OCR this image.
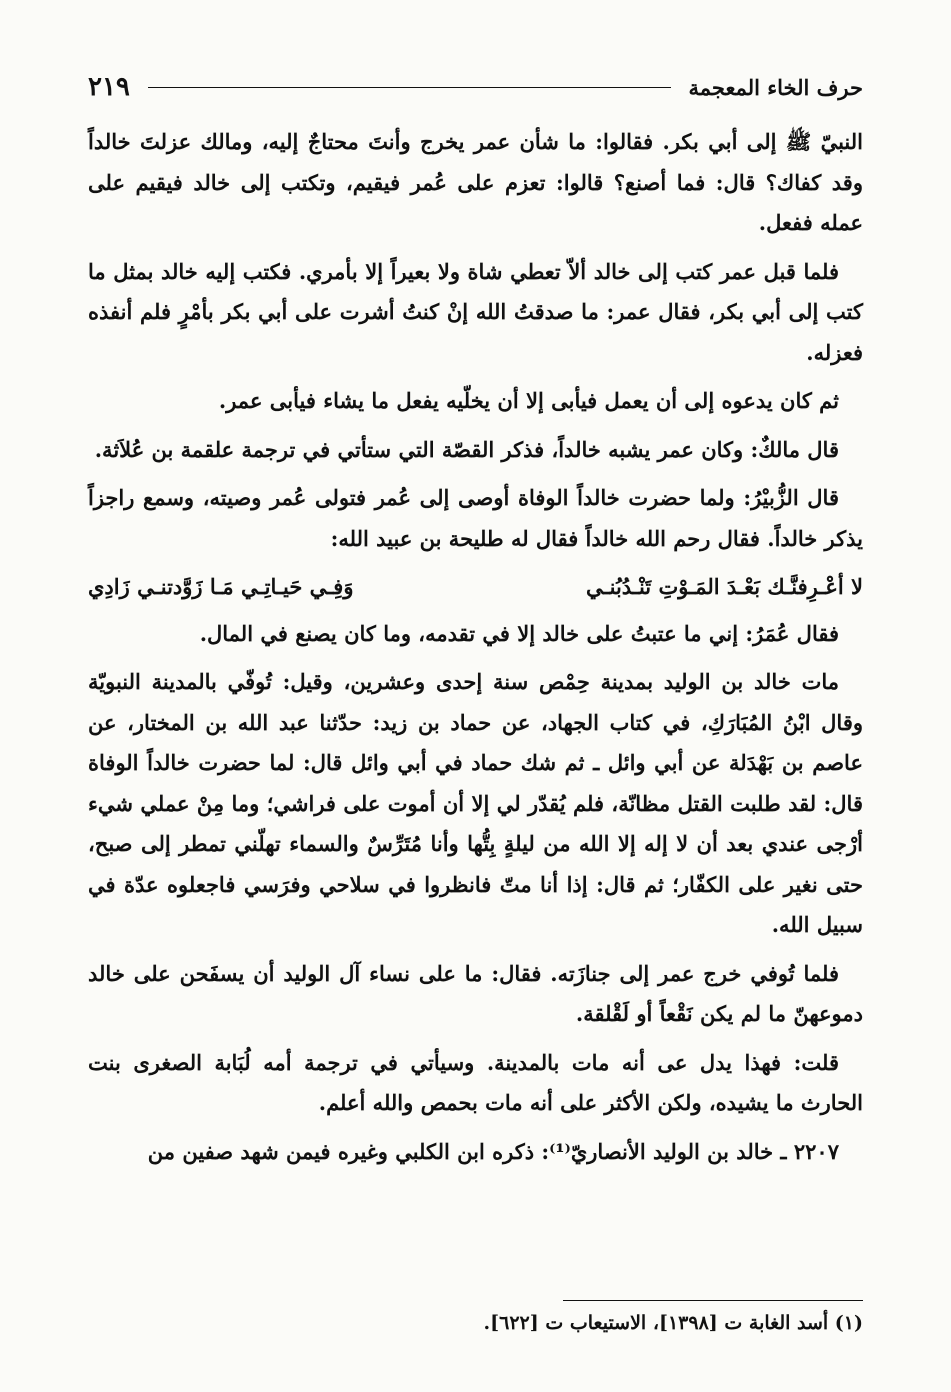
حرف الخاء المعجمة
٢١٩

النبيّ ﷺ إلى أبي بكر. فقالوا: ما شأن عمر يخرج وأنتَ محتاجٌ إليه، ومالك عزلتَ خالداً وقد كفاك؟ قال: فما أصنع؟ قالوا: تعزم على عُمر فيقيم، وتكتب إلى خالد فيقيم على عمله ففعل.

فلما قبل عمر كتب إلى خالد ألاّ تعطي شاة ولا بعيراً إلا بأمري. فكتب إليه خالد بمثل ما كتب إلى أبي بكر، فقال عمر: ما صدقتُ الله إنْ كنتُ أشرت على أبي بكر بأمْرٍ فلم أنفذه فعزله.

ثم كان يدعوه إلى أن يعمل فيأبى إلا أن يخلّيه يفعل ما يشاء فيأبى عمر.

قال مالكٌ: وكان عمر يشبه خالداً، فذكر القصّة التي ستأتي في ترجمة علقمة بن عُلاَثة.

قال الزُّبيْرُ: ولما حضرت خالداً الوفاة أوصى إلى عُمر فتولى عُمر وصيته، وسمع راجزاً يذكر خالداً. فقال رحم الله خالداً فقال له طليحة بن عبيد الله:

لا أعْـرِفنَّـك بَعْـدَ المَـوْتِ تَنْـدُبُنـي
وَفِـي حَيـاتِـي مَـا زَوَّدتنـي زَادِي

فقال عُمَرُ: إني ما عتبتُ على خالد إلا في تقدمه، وما كان يصنع في المال.

مات خالد بن الوليد بمدينة حِمْص سنة إحدى وعشرين، وقيل: تُوفّي بالمدينة النبويّة وقال ابْنُ المُبَارَكِ، في كتاب الجهاد، عن حماد بن زيد: حدّثنا عبد الله بن المختار، عن عاصم بن بَهْدَلة عن أبي وائل ـ ثم شك حماد في أبي وائل قال: لما حضرت خالداً الوفاة قال: لقد طلبت القتل مظانّة، فلم يُقدّر لي إلا أن أموت على فراشي؛ وما مِنْ عملي شيء أرْجى عندي بعد أن لا إله إلا الله من ليلةٍ بِتُّها وأنا مُتَرِّسٌ والسماء تهلّني تمطر إلى صبح، حتى نغير على الكفّار؛ ثم قال: إذا أنا متّ فانظروا في سلاحي وفرَسي فاجعلوه عدّة في سبيل الله.

فلما تُوفي خرج عمر إلى جنازَته. فقال: ما على نساء آل الوليد أن يسفَحن على خالد دموعهنّ ما لم يكن نَقْعاً أو لَقْلقة.

قلت: فهذا يدل عى أنه مات بالمدينة. وسيأتي في ترجمة أمه لُبَابة الصغرى بنت الحارث ما يشيده، ولكن الأكثر على أنه مات بحمص والله أعلم.

٢٢٠٧ ـ خالد بن الوليد الأنصاريّ⁽¹⁾: ذكره ابن الكلبي وغيره فيمن شهد صفين من

(١) أسد الغابة ت [١٣٩٨]، الاستيعاب ت [٦٢٢].
